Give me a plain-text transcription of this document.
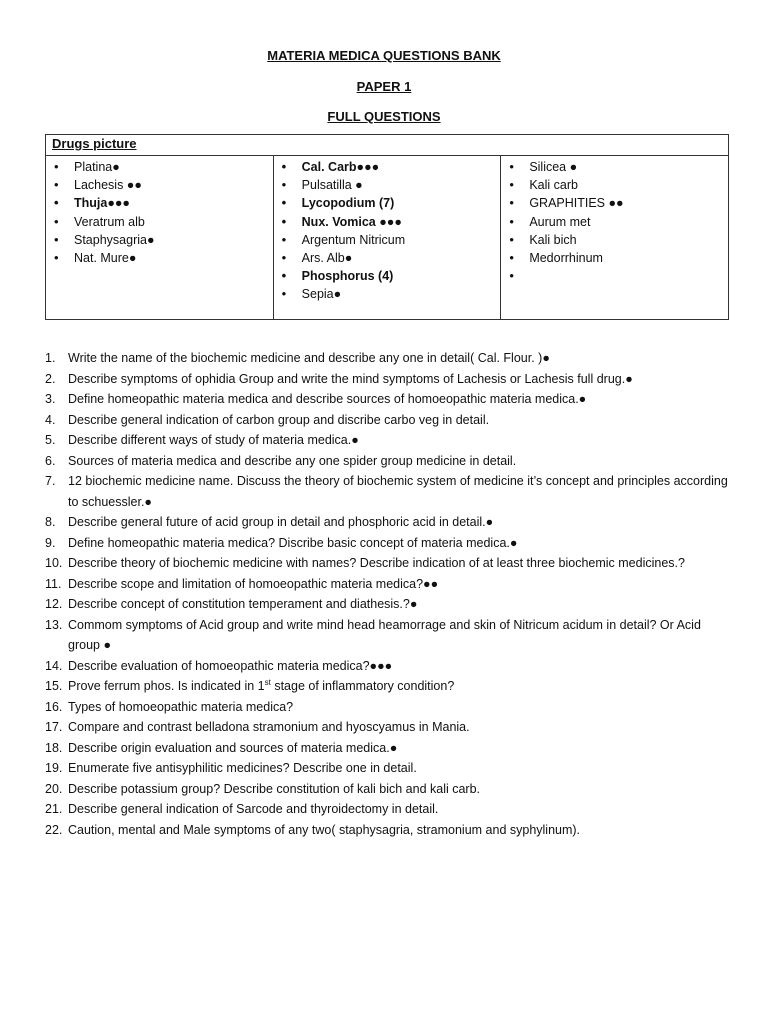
MATERIA MEDICA QUESTIONS BANK
PAPER 1
FULL QUESTIONS
Drugs picture

• Platina●
• Lachesis ●●
• Thuja●●●
• Veratrum alb
• Staphysagria●
• Nat. Mure●

• Cal. Carb●●●
• Pulsatilla ●
• Lycopodium (7)
• Nux. Vomica ●●●
• Argentum Nitricum
• Ars. Alb●
• Phosphorus (4)
• Sepia●

• Silicea ●
• Kali carb
• GRAPHITIES ●●
• Aurum met
• Kali bich
• Medorrhinum
1. Write the name of the biochemic medicine and describe any one in detail( Cal. Flour. )●
2. Describe symptoms of ophidia Group and write the mind symptoms of Lachesis or Lachesis full drug.●
3. Define homeopathic materia medica and describe sources of homoeopathic materia medica.●
4. Describe general indication of carbon group and discribe carbo veg in detail.
5. Describe different ways of study of materia medica.●
6. Sources of materia medica and describe any one spider group medicine in detail.
7. 12 biochemic medicine name. Discuss the theory of biochemic system of medicine it’s concept and principles according to schuessler.●
8. Describe general future of acid group in detail and phosphoric acid in detail.●
9. Define homeopathic materia medica? Discribe basic concept of materia medica.●
10. Describe theory of biochemic medicine with names? Describe indication of at least three biochemic medicines.?
11. Describe scope and limitation of homoeopathic materia medica?●●
12. Describe concept of constitution temperament and diathesis.?●
13. Commom symptoms of Acid group and write mind head heamorrage and skin of Nitricum acidum in detail? Or Acid group ●
14. Describe evaluation of homoeopathic materia medica?●●●
15. Prove ferrum phos. Is indicated in 1st stage of inflammatory condition?
16. Types of homoeopathic materia medica?
17. Compare and contrast belladona stramonium and hyoscyamus in Mania.
18. Describe origin evaluation and sources of materia medica.●
19. Enumerate five antisyphilitic medicines? Describe one in detail.
20. Describe potassium group? Describe constitution of kali bich and kali carb.
21. Describe general indication of Sarcode and thyroidectomy in detail.
22. Caution, mental and Male symptoms of any two( staphysagria, stramonium and syphylinum).
